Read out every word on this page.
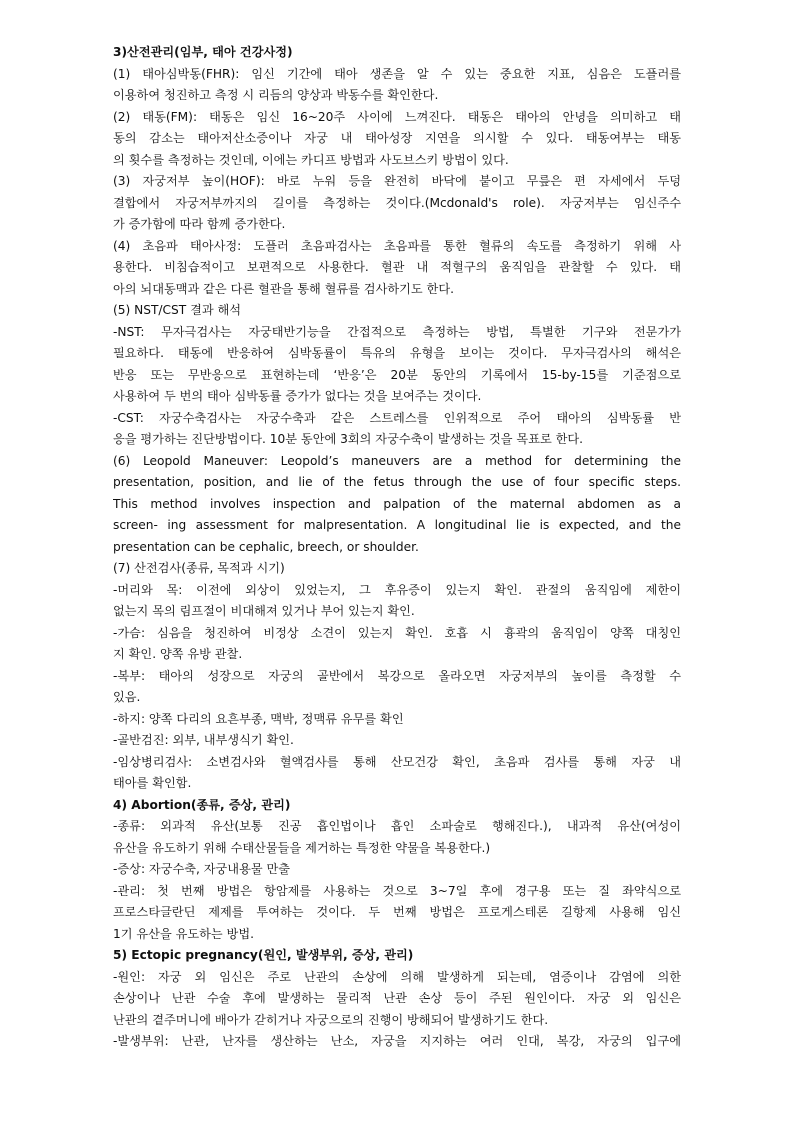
3)산전관리(임부, 태아 건강사정)
(1) 태아심박동(FHR): 임신 기간에 태아 생존을 알 수 있는 중요한 지표, 심음은 도플러를
이용하여 청진하고 측정 시 리듬의 양상과 박동수를 확인한다.
(2) 태동(FM): 태동은 임신 16~20주 사이에 느껴진다. 태동은 태아의 안녕을 의미하고 태
동의 감소는 태아저산소증이나 자궁 내 태아성장 지연을 의시할 수 있다. 태동여부는 태동
의 횟수를 측정하는 것인데, 이에는 카디프 방법과 사도브스키 방법이 있다.
(3) 자궁저부 높이(HOF): 바로 누워 등을 완전히 바닥에 붙이고 무릎은 편 자세에서 두덩
결합에서 자궁저부까지의 길이를 측정하는 것이다.(Mcdonald's role). 자궁저부는 임신주수
가 증가함에 따라 함께 증가한다.
(4) 초음파 태아사정: 도플러 초음파검사는 초음파를 통한 혈류의 속도를 측정하기 위해 사
용한다. 비침습적이고 보편적으로 사용한다. 혈관 내 적혈구의 움직임을 관찰할 수 있다. 태
아의 뇌대동맥과 같은 다른 혈관을 통해 혈류를 검사하기도 한다.
(5) NST/CST 결과 해석
-NST: 무자극검사는 자궁태반기능을 간접적으로 측정하는 방법, 특별한 기구와 전문가가
필요하다. 태동에 반응하여 심박동률이 특유의 유형을 보이는 것이다. 무자극검사의 해석은
반응 또는 무반응으로 표현하는데 ‘반응’은 20분 동안의 기록에서 15-by-15를 기준점으로
사용하여 두 번의 태아 심박동률 증가가 없다는 것을 보여주는 것이다.
-CST: 자궁수축검사는 자궁수축과 같은 스트레스를 인위적으로 주어 태아의 심박동률 반
응을 평가하는 진단방법이다. 10분 동안에 3회의 자궁수축이 발생하는 것을 목표로 한다.
(6) Leopold Maneuver: Leopold’s maneuvers are a method for determining the
presentation, position, and lie of the fetus through the use of four specific steps.
This method involves inspection and palpation of the maternal abdomen as a
screen- ing assessment for malpresentation. A longitudinal lie is expected, and the
presentation can be cephalic, breech, or shoulder.
(7) 산전검사(종류, 목적과 시기)
-머리와 목: 이전에 외상이 있었는지, 그 후유증이 있는지 확인. 관절의 움직임에 제한이
없는지 목의 림프절이 비대해져 있거나 부어 있는지 확인.
-가슴: 심음을 청진하여 비정상 소견이 있는지 확인. 호흡 시 흉곽의 움직임이 양쪽 대칭인
지 확인. 양쪽 유방 관찰.
-복부: 태아의 성장으로 자궁의 골반에서 복강으로 올라오면 자궁저부의 높이를 측정할 수
있음.
-하지: 양쪽 다리의 요흔부종, 맥박, 정맥류 유무를 확인
-골반검진: 외부, 내부생식기 확인.
-임상병리검사: 소변검사와 혈액검사를 통해 산모건강 확인, 초음파 검사를 통해 자궁 내
태아를 확인함.
4) Abortion(종류, 증상, 관리)
-종류: 외과적 유산(보통 진공 흡인법이나 흡인 소파술로 행해진다.), 내과적 유산(여성이
유산을 유도하기 위해 수태산물들을 제거하는 특정한 약물을 복용한다.)
-증상: 자궁수축, 자궁내용물 만출
-관리: 첫 번째 방법은 항암제를 사용하는 것으로 3~7일 후에 경구용 또는 질 좌약식으로
프로스타글란딘 제제를 투여하는 것이다. 두 번째 방법은 프로게스테론 길항제 사용해 임신
1기 유산을 유도하는 방법.
5) Ectopic pregnancy(원인, 발생부위, 증상, 관리)
-원인: 자궁 외 임신은 주로 난관의 손상에 의해 발생하게 되는데, 염증이나 감염에 의한
손상이나 난관 수술 후에 발생하는 물리적 난관 손상 등이 주된 원인이다. 자궁 외 임신은
난관의 곁주머니에 배아가 갇히거나 자궁으로의 진행이 방해되어 발생하기도 한다.
-발생부위: 난관, 난자를 생산하는 난소, 자궁을 지지하는 여러 인대, 복강, 자궁의 입구에
